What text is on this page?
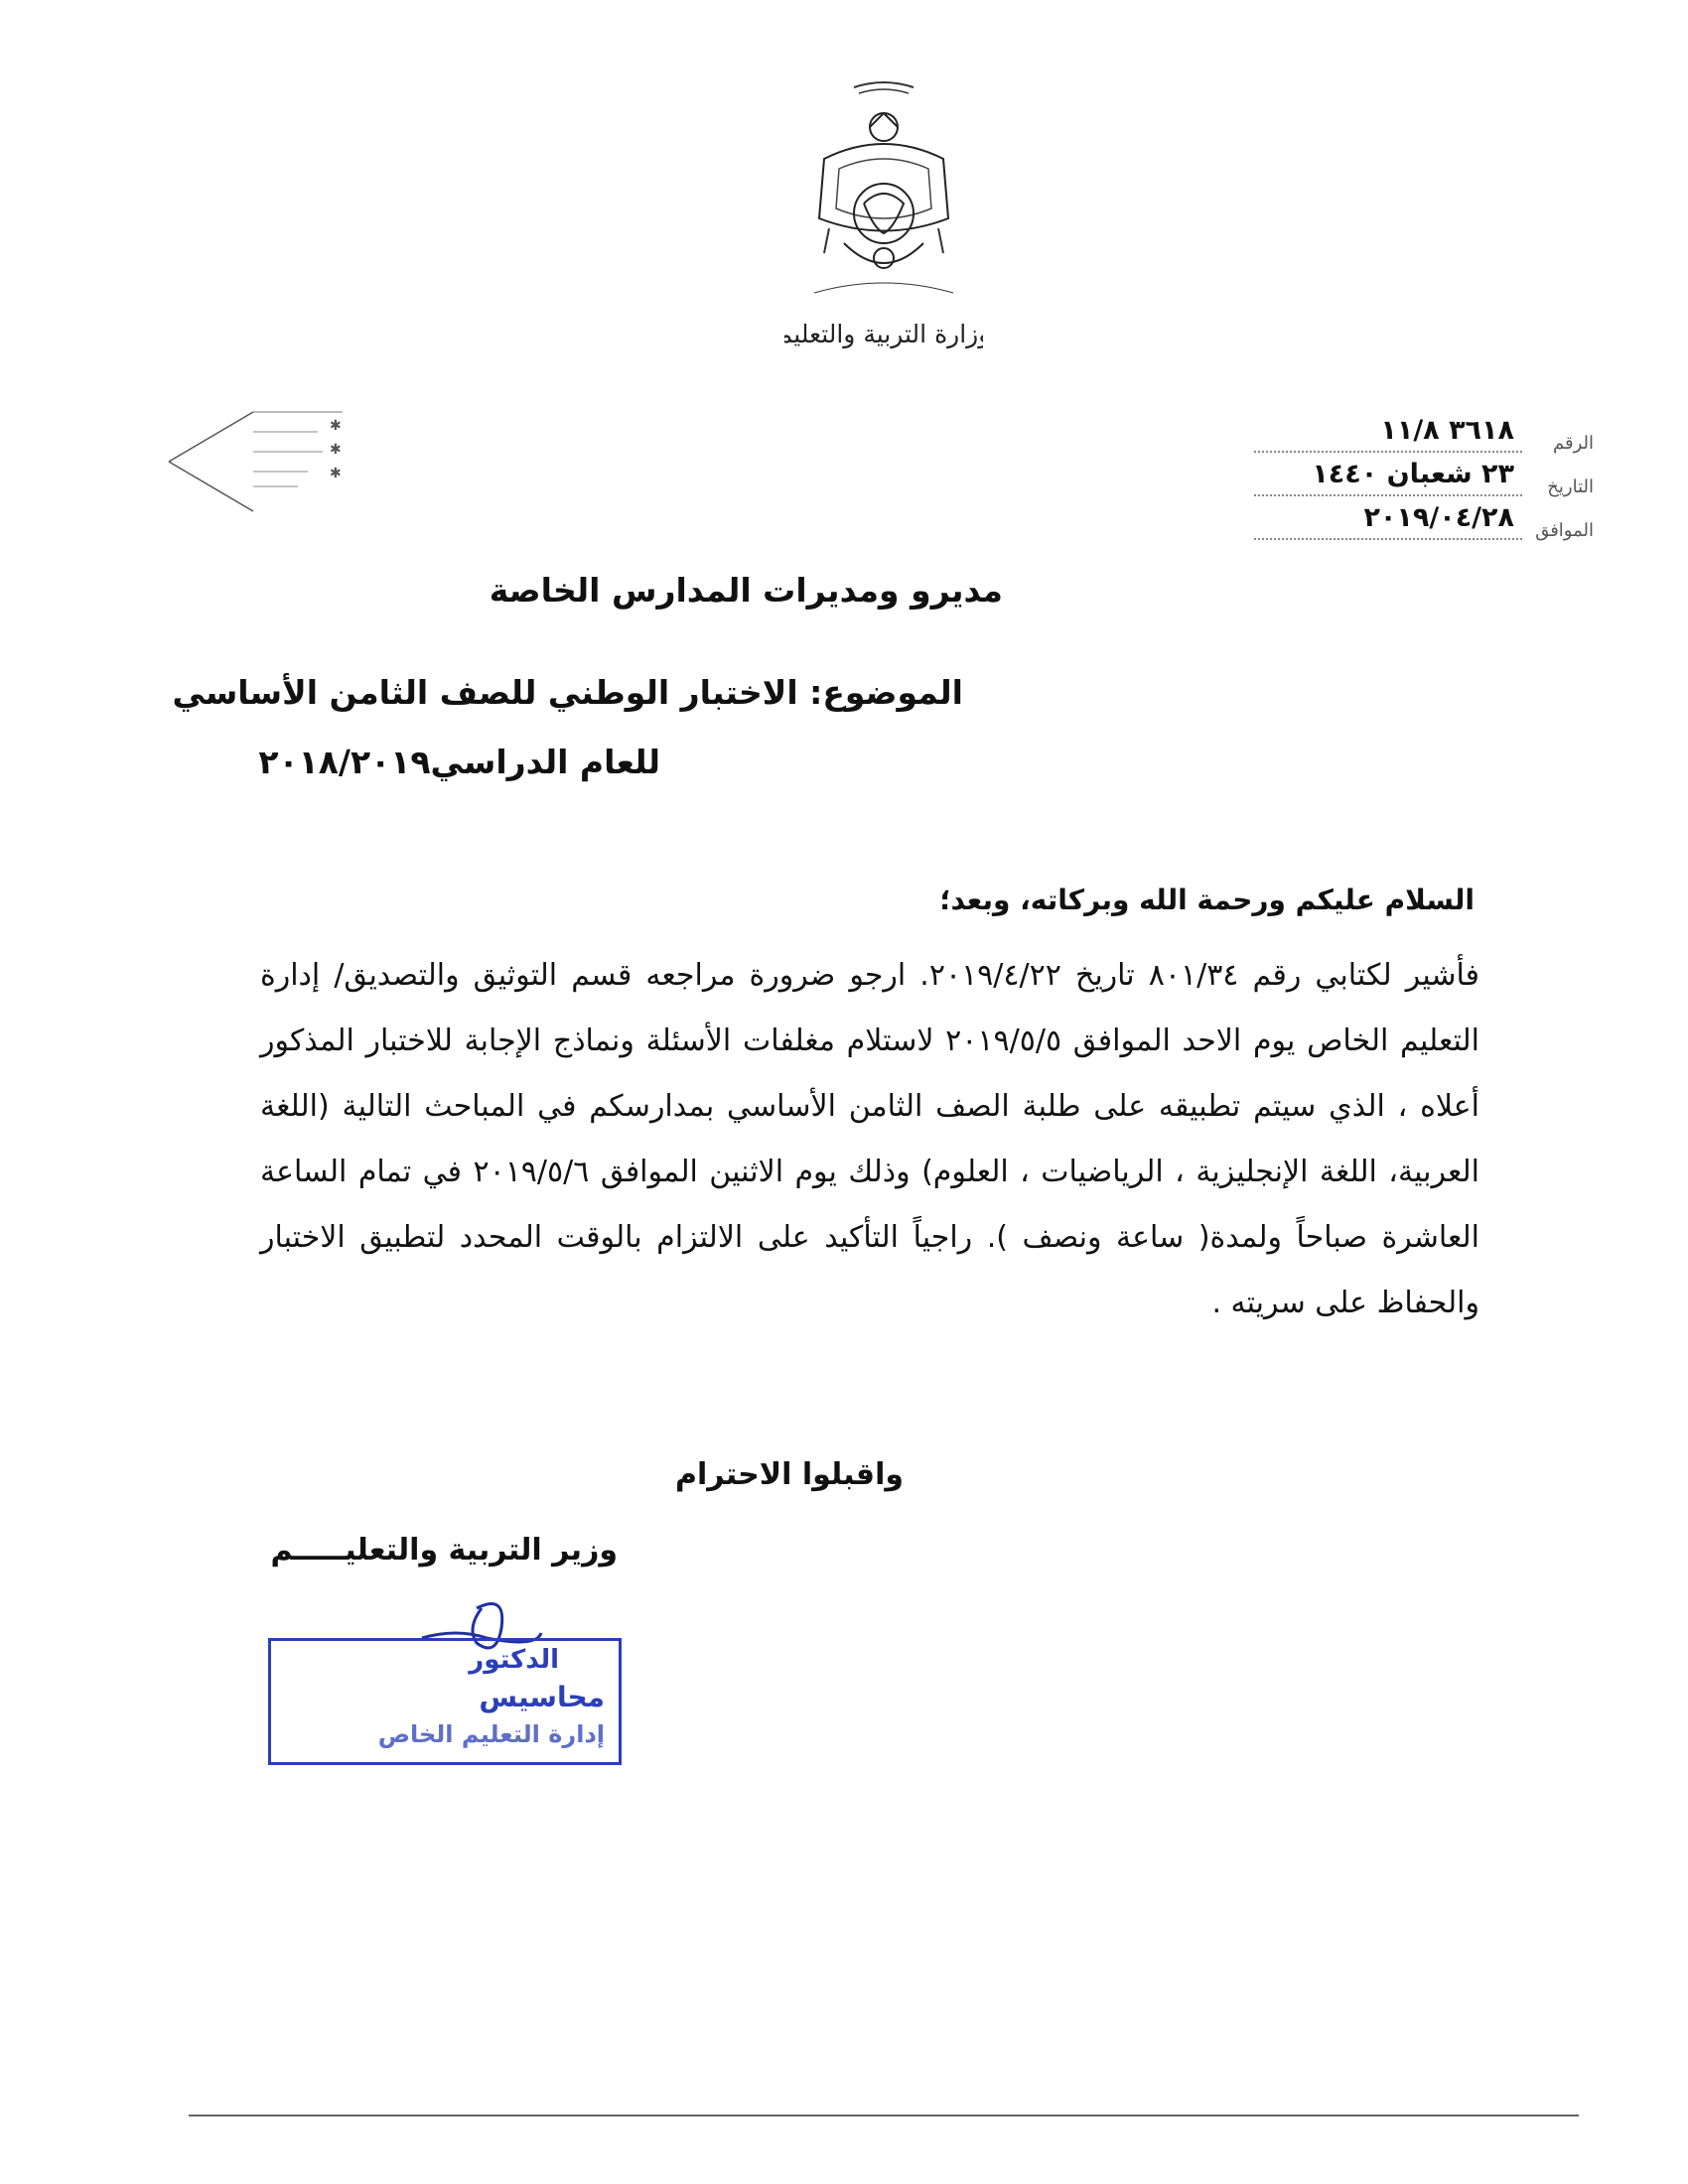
وزارة التربية والتعليم
✱
✱
✱
الرقم
٣٦١٨ ١١/٨
التاريخ
٢٣ شعبان ١٤٤٠
الموافق
٢٠١٩/٠٤/٢٨
مديرو ومديرات المدارس الخاصة
الموضوع: الاختبار الوطني للصف الثامن الأساسي
للعام الدراسي٢٠١٨/٢٠١٩
السلام عليكم ورحمة الله وبركاته، وبعد؛

فأشير لكتابي رقم ٨٠١/٣٤ تاريخ ٢٠١٩/٤/٢٢. ارجو ضرورة مراجعه قسم التوثيق والتصديق/ إدارة التعليم الخاص يوم الاحد الموافق ٢٠١٩/٥/٥ لاستلام مغلفات الأسئلة ونماذج الإجابة للاختبار المذكور أعلاه ، الذي سيتم تطبيقه على طلبة الصف الثامن الأساسي بمدارسكم في المباحث التالية (اللغة العربية، اللغة الإنجليزية ، الرياضيات ، العلوم) وذلك يوم الاثنين الموافق ٢٠١٩/٥/٦ في تمام الساعة العاشرة صباحاً ولمدة( ساعة ونصف ). راجياً التأكيد على الالتزام بالوقت المحدد لتطبيق الاختبار والحفاظ على سريته .

واقبلوا الاحترام
وزير التربية والتعليـــــم
الدكتور
محاسيس
إدارة التعليم الخاص
